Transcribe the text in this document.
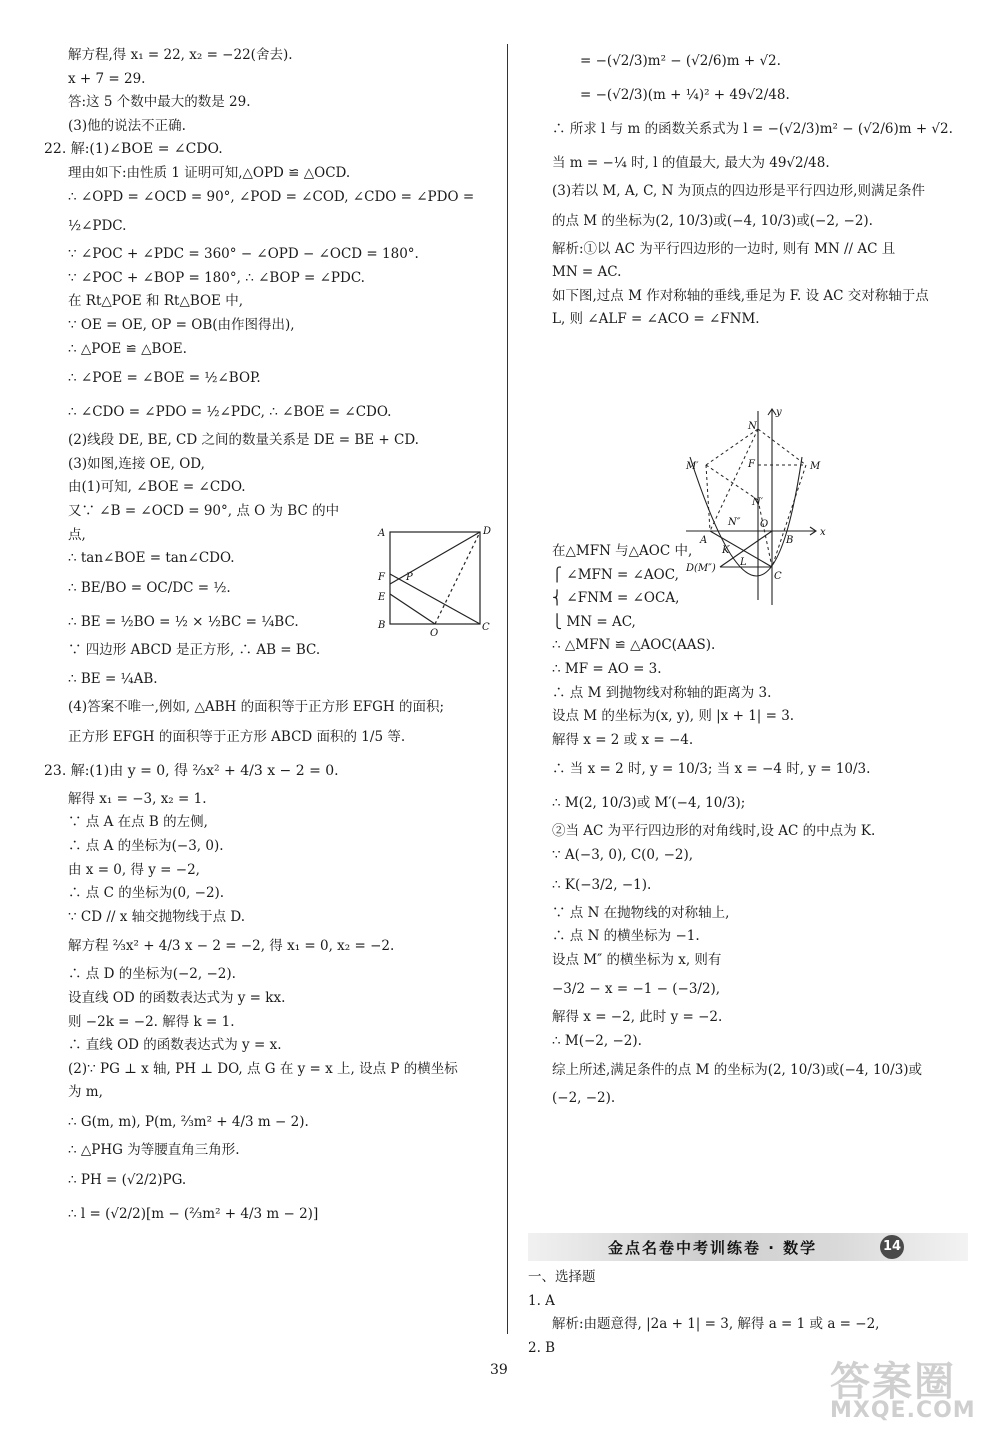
解方程,得 x₁ = 22, x₂ = −22(舍去).
x + 7 = 29.
答:这 5 个数中最大的数是 29.
(3)他的说法不正确.
22. 解:(1)∠BOE = ∠CDO.
理由如下:由性质 1 证明可知,△OPD ≌ △OCD.
∴ ∠OPD = ∠OCD = 90°, ∠POD = ∠COD, ∠CDO = ∠PDO =
½∠PDC.
∵ ∠POC + ∠PDC = 360° − ∠OPD − ∠OCD = 180°.
∵ ∠POC + ∠BOP = 180°, ∴ ∠BOP = ∠PDC.
在 Rt△POE 和 Rt△BOE 中,
∵ OE = OE, OP = OB(由作图得出),
∴ △POE ≌ △BOE.
∴ ∠POE = ∠BOE = ½∠BOP.
∴ ∠CDO = ∠PDO = ½∠PDC, ∴ ∠BOE = ∠CDO.
(2)线段 DE, BE, CD 之间的数量关系是 DE = BE + CD.
(3)如图,连接 OE, OD,
由(1)可知, ∠BOE = ∠CDO.
又∵ ∠B = ∠OCD = 90°, 点 O 为 BC 的中
点,
∴ tan∠BOE = tan∠CDO.
∴ BE/BO = OC/DC = ½.
∴ BE = ½BO = ½ × ½BC = ¼BC.
∵ 四边形 ABCD 是正方形, ∴ AB = BC.
∴ BE = ¼AB.
(4)答案不唯一,例如, △ABH 的面积等于正方形 EFGH 的面积;
正方形 EFGH 的面积等于正方形 ABCD 面积的 1/5 等.
23. 解:(1)由 y = 0, 得 ⅔x² + 4/3 x − 2 = 0.
解得 x₁ = −3, x₂ = 1.
∵ 点 A 在点 B 的左侧,
∴ 点 A 的坐标为(−3, 0).
由 x = 0, 得 y = −2,
∴ 点 C 的坐标为(0, −2).
∵ CD // x 轴交抛物线于点 D.
解方程 ⅔x² + 4/3 x − 2 = −2, 得 x₁ = 0, x₂ = −2.
∴ 点 D 的坐标为(−2, −2).
设直线 OD 的函数表达式为 y = kx.
则 −2k = −2. 解得 k = 1.
∴ 直线 OD 的函数表达式为 y = x.
(2)∵ PG ⊥ x 轴, PH ⊥ DO, 点 G 在 y = x 上, 设点 P 的横坐标
为 m,
∴ G(m, m), P(m, ⅔m² + 4/3 m − 2).
∴ △PHG 为等腰直角三角形.
∴ PH = (√2/2)PG.
∴ l = (√2/2)[m − (⅔m² + 4/3 m − 2)]
= −(√2/3)m² − (√2/6)m + √2.
= −(√2/3)(m + ¼)² + 49√2/48.
∴ 所求 l 与 m 的函数关系式为 l = −(√2/3)m² − (√2/6)m + √2.
当 m = −¼ 时, l 的值最大, 最大为 49√2/48.
(3)若以 M, A, C, N 为顶点的四边形是平行四边形,则满足条件
的点 M 的坐标为(2, 10/3)或(−4, 10/3)或(−2, −2).
解析:①以 AC 为平行四边形的一边时, 则有 MN // AC 且
MN = AC.
如下图,过点 M 作对称轴的垂线,垂足为 F. 设 AC 交对称轴于点
L, 则 ∠ALF = ∠ACO = ∠FNM.
在△MFN 与△AOC 中,
⎧ ∠MFN = ∠AOC,
⎨ ∠FNM = ∠OCA,
⎩ MN = AC,
∴ △MFN ≌ △AOC(AAS).
∴ MF = AO = 3.
∴ 点 M 到抛物线对称轴的距离为 3.
设点 M 的坐标为(x, y), 则 |x + 1| = 3.
解得 x = 2 或 x = −4.
∴ 当 x = 2 时, y = 10/3; 当 x = −4 时, y = 10/3.
∴ M(2, 10/3)或 M′(−4, 10/3);
②当 AC 为平行四边形的对角线时,设 AC 的中点为 K.
∵ A(−3, 0), C(0, −2),
∴ K(−3/2, −1).
∵ 点 N 在抛物线的对称轴上,
∴ 点 N 的横坐标为 −1.
设点 M″ 的横坐标为 x, 则有
−3/2 − x = −1 − (−3/2),
解得 x = −2, 此时 y = −2.
∴ M(−2, −2).
综上所述,满足条件的点 M 的坐标为(2, 10/3)或(−4, 10/3)或
(−2, −2).
A	D
F P
E
B
O
C
y
x
N
M′	F	M
N′
N″ O
A	B
K
L
D(M″)
C
金点名卷中考训练卷 · 数学	14
一、选择题
1. A
解析:由题意得, |2a + 1| = 3, 解得 a = 1 或 a = −2,
2. B
39	答案圈
MXQE.COM
